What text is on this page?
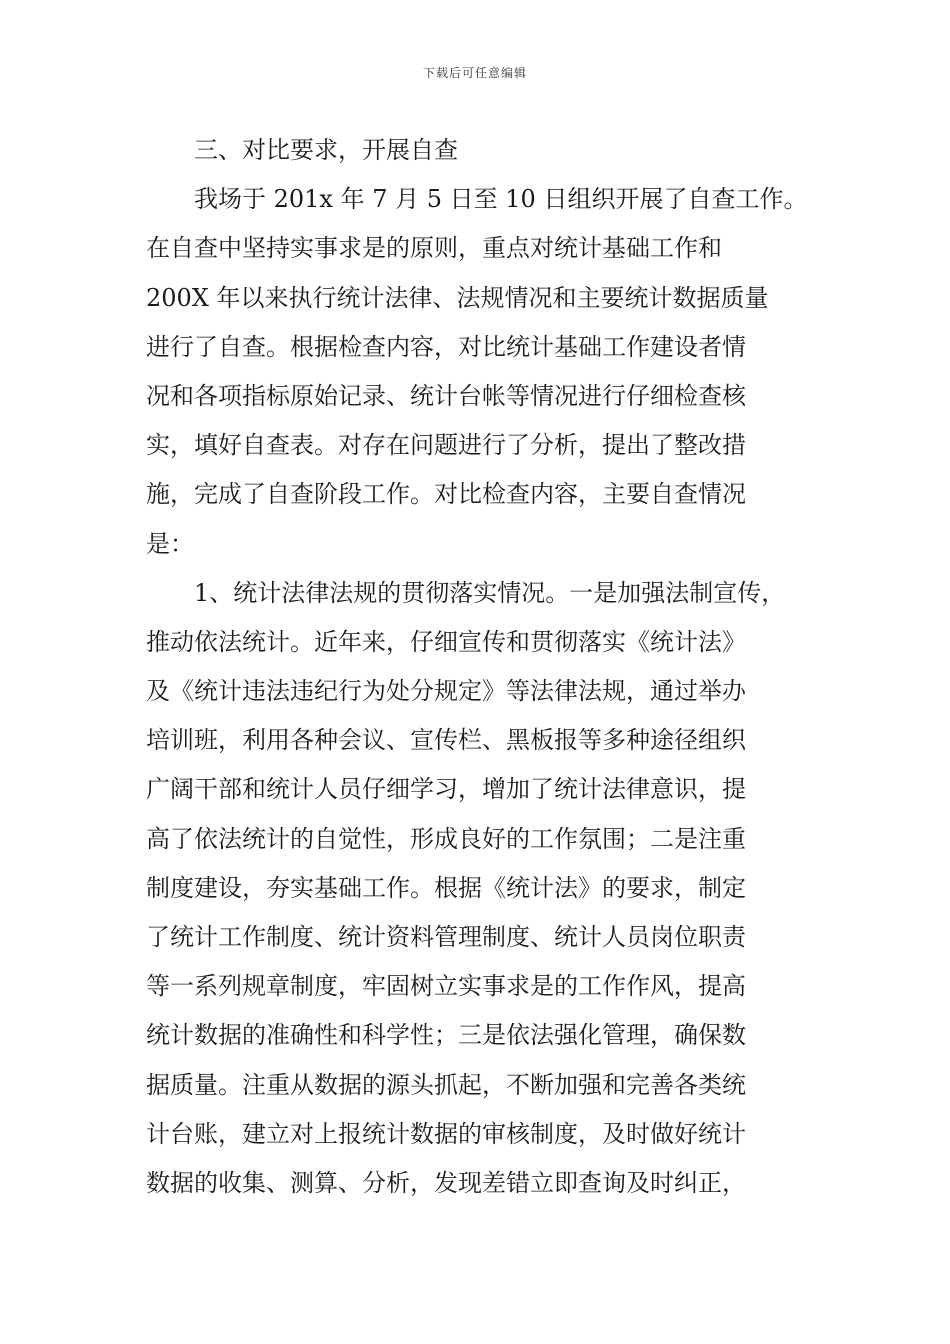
下载后可任意编辑
三、对比要求，开展自查
我场于 201x 年 7 月 5 日至 10 日组织开展了自查工作。
在自查中坚持实事求是的原则，重点对统计基础工作和
200X 年以来执行统计法律、法规情况和主要统计数据质量
进行了自查。根据检查内容，对比统计基础工作建设者情
况和各项指标原始记录、统计台帐等情况进行仔细检查核
实，填好自查表。对存在问题进行了分析，提出了整改措
施，完成了自查阶段工作。对比检查内容，主要自查情况
是：
1、统计法律法规的贯彻落实情况。一是加强法制宣传，
推动依法统计。近年来，仔细宣传和贯彻落实《统计法》
及《统计违法违纪行为处分规定》等法律法规，通过举办
培训班，利用各种会议、宣传栏、黑板报等多种途径组织
广阔干部和统计人员仔细学习，增加了统计法律意识，提
高了依法统计的自觉性，形成良好的工作氛围；二是注重
制度建设，夯实基础工作。根据《统计法》的要求，制定
了统计工作制度、统计资料管理制度、统计人员岗位职责
等一系列规章制度，牢固树立实事求是的工作作风，提高
统计数据的准确性和科学性；三是依法强化管理，确保数
据质量。注重从数据的源头抓起，不断加强和完善各类统
计台账，建立对上报统计数据的审核制度，及时做好统计
数据的收集、测算、分析，发现差错立即查询及时纠正，
